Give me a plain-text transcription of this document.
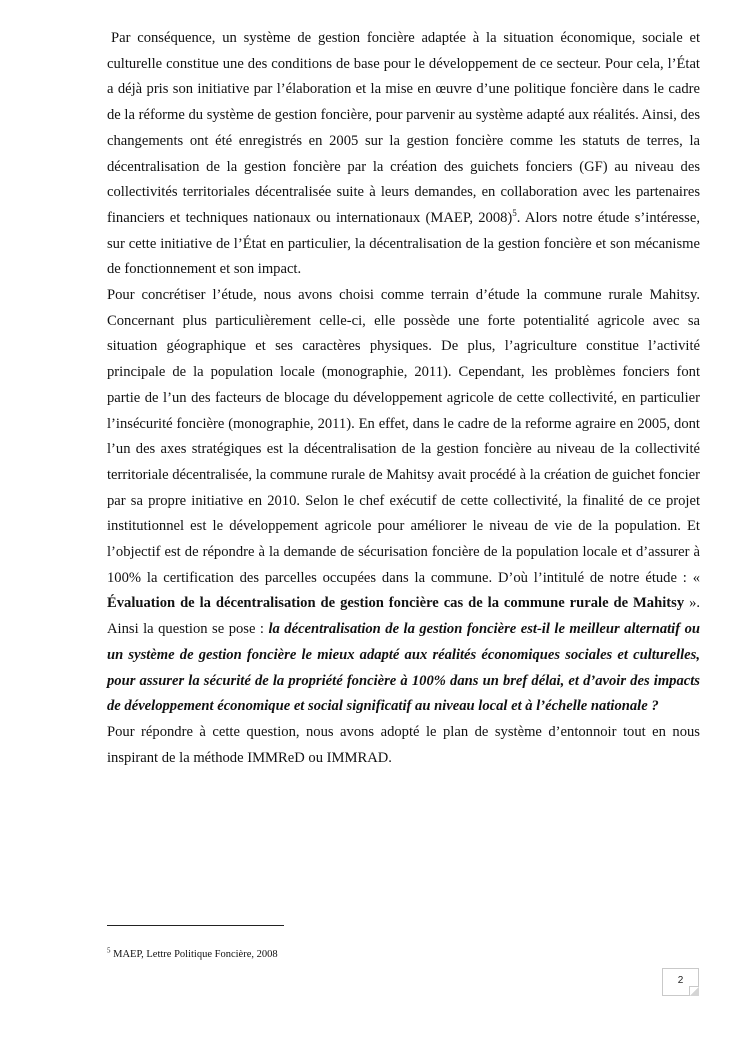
Par conséquence, un système de gestion foncière adaptée à la situation économique, sociale et culturelle constitue une des conditions de base pour le développement de ce secteur. Pour cela, l’État a déjà pris son initiative par l’élaboration et la mise en œuvre d’une politique foncière dans le cadre de la réforme du système de gestion foncière, pour parvenir au système adapté aux réalités. Ainsi, des changements ont été enregistrés en 2005 sur la gestion foncière comme les statuts de terres, la décentralisation de la gestion foncière par la création des guichets fonciers (GF) au niveau des collectivités territoriales décentralisée suite à leurs demandes, en collaboration avec les partenaires financiers et techniques nationaux ou internationaux (MAEP, 2008)$^5$. Alors notre étude s’intéresse, sur cette initiative de l’État en particulier, la décentralisation de la gestion foncière et son mécanisme de fonctionnement et son impact.

Pour concrétiser l’étude, nous avons choisi comme terrain d’étude la commune rurale Mahitsy. Concernant plus particulièrement celle-ci, elle possède une forte potentialité agricole avec sa situation géographique et ses caractères physiques. De plus, l’agriculture constitue l’activité principale de la population locale (monographie, 2011). Cependant, les problèmes fonciers font partie de l’un des facteurs de blocage du développement agricole de cette collectivité, en particulier l’insécurité foncière (monographie, 2011). En effet, dans le cadre de la reforme agraire en 2005, dont l’un des axes stratégiques est la décentralisation de la gestion foncière au niveau de la collectivité territoriale décentralisée, la commune rurale de Mahitsy avait procédé à la création de guichet foncier par sa propre initiative en 2010. Selon le chef exécutif de cette collectivité, la finalité de ce projet institutionnel est le développement agricole pour améliorer le niveau de vie de la population. Et l’objectif est de répondre à la demande de sécurisation foncière de la population locale et d’assurer à 100% la certification des parcelles occupées dans la commune. D’où l’intitulé de notre étude : « Évaluation de la décentralisation de gestion foncière cas de la commune rurale de Mahitsy ». Ainsi la question se pose : la décentralisation de la gestion foncière est-il le meilleur alternatif ou un système de gestion foncière le mieux adapté aux réalités économiques sociales et culturelles, pour assurer la sécurité de la propriété foncière à 100% dans un bref délai, et d’avoir des impacts de développement économique et social significatif au niveau local et à l’échelle nationale ?

Pour répondre à cette question, nous avons adopté le plan de système d’entonnoir tout en nous inspirant de la méthode IMMReD ou IMMRAD.

$^5$ MAEP, Lettre Politique Foncière, 2008
2
